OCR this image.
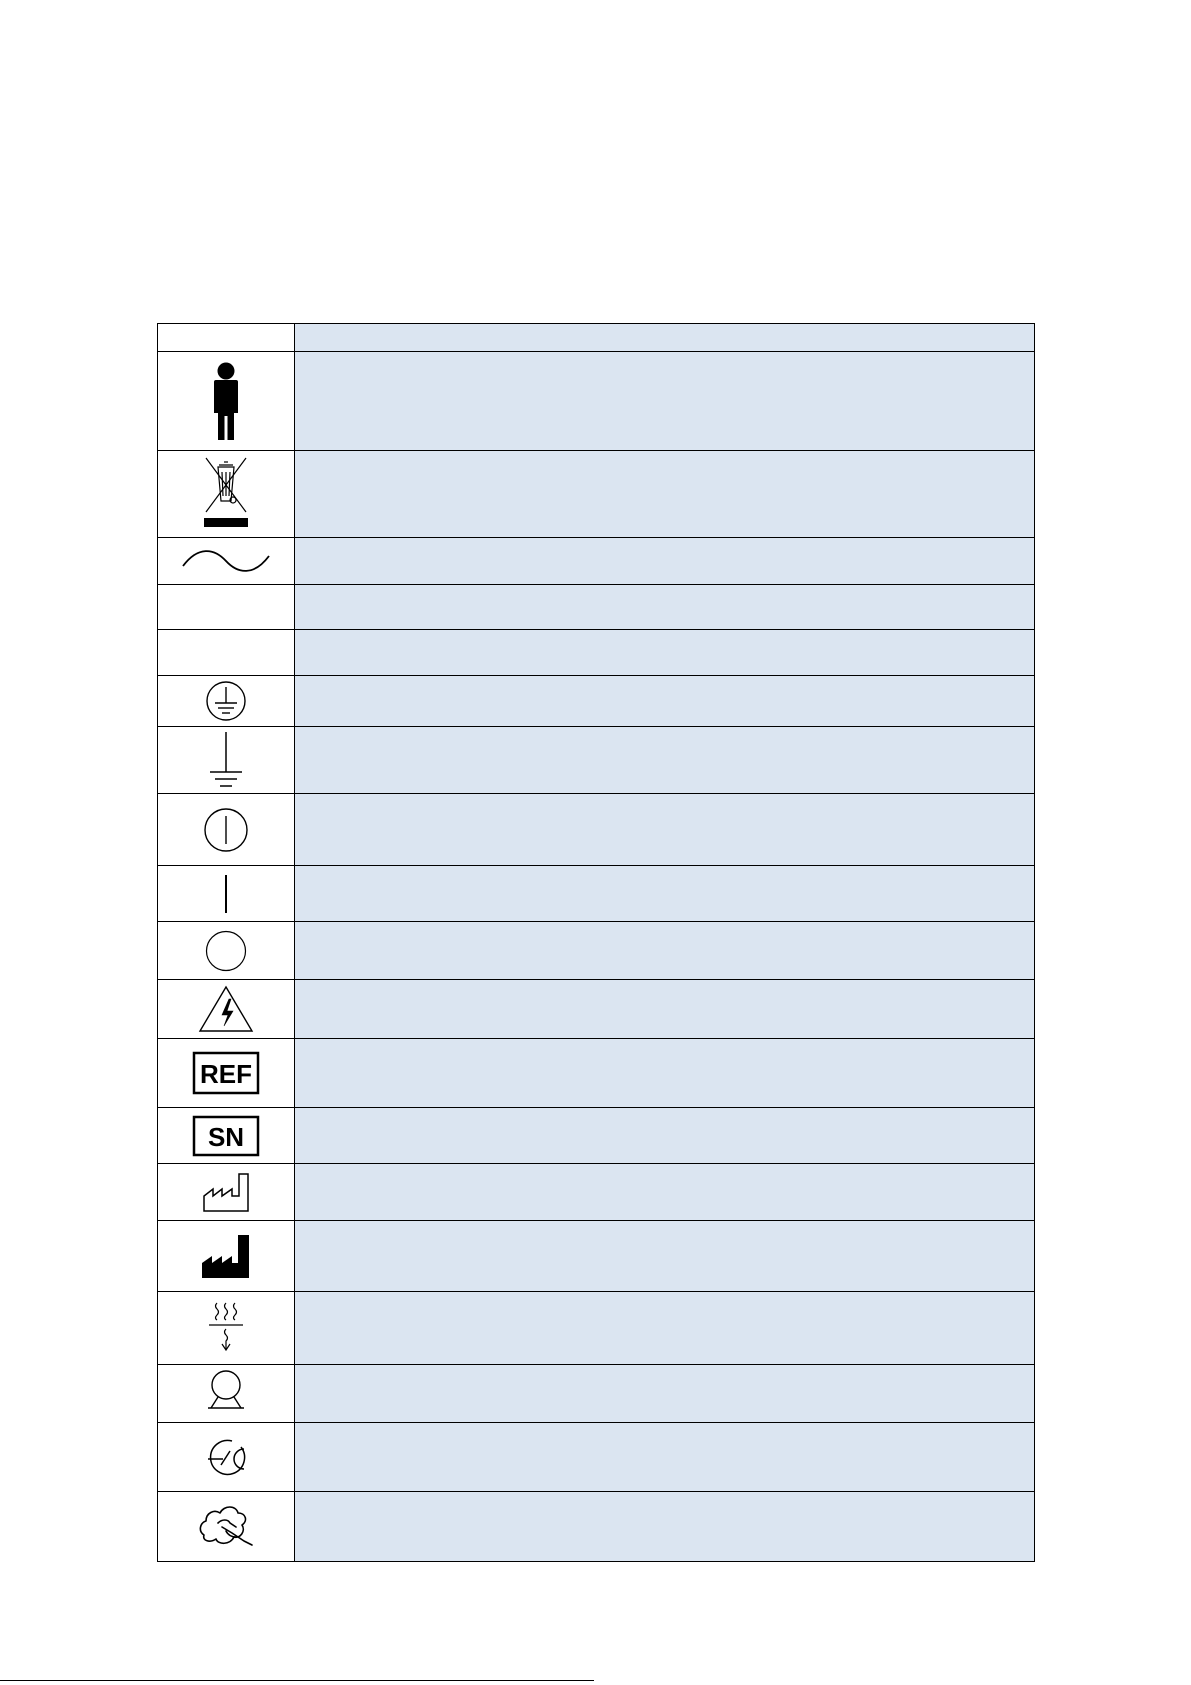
REF	

SN	
